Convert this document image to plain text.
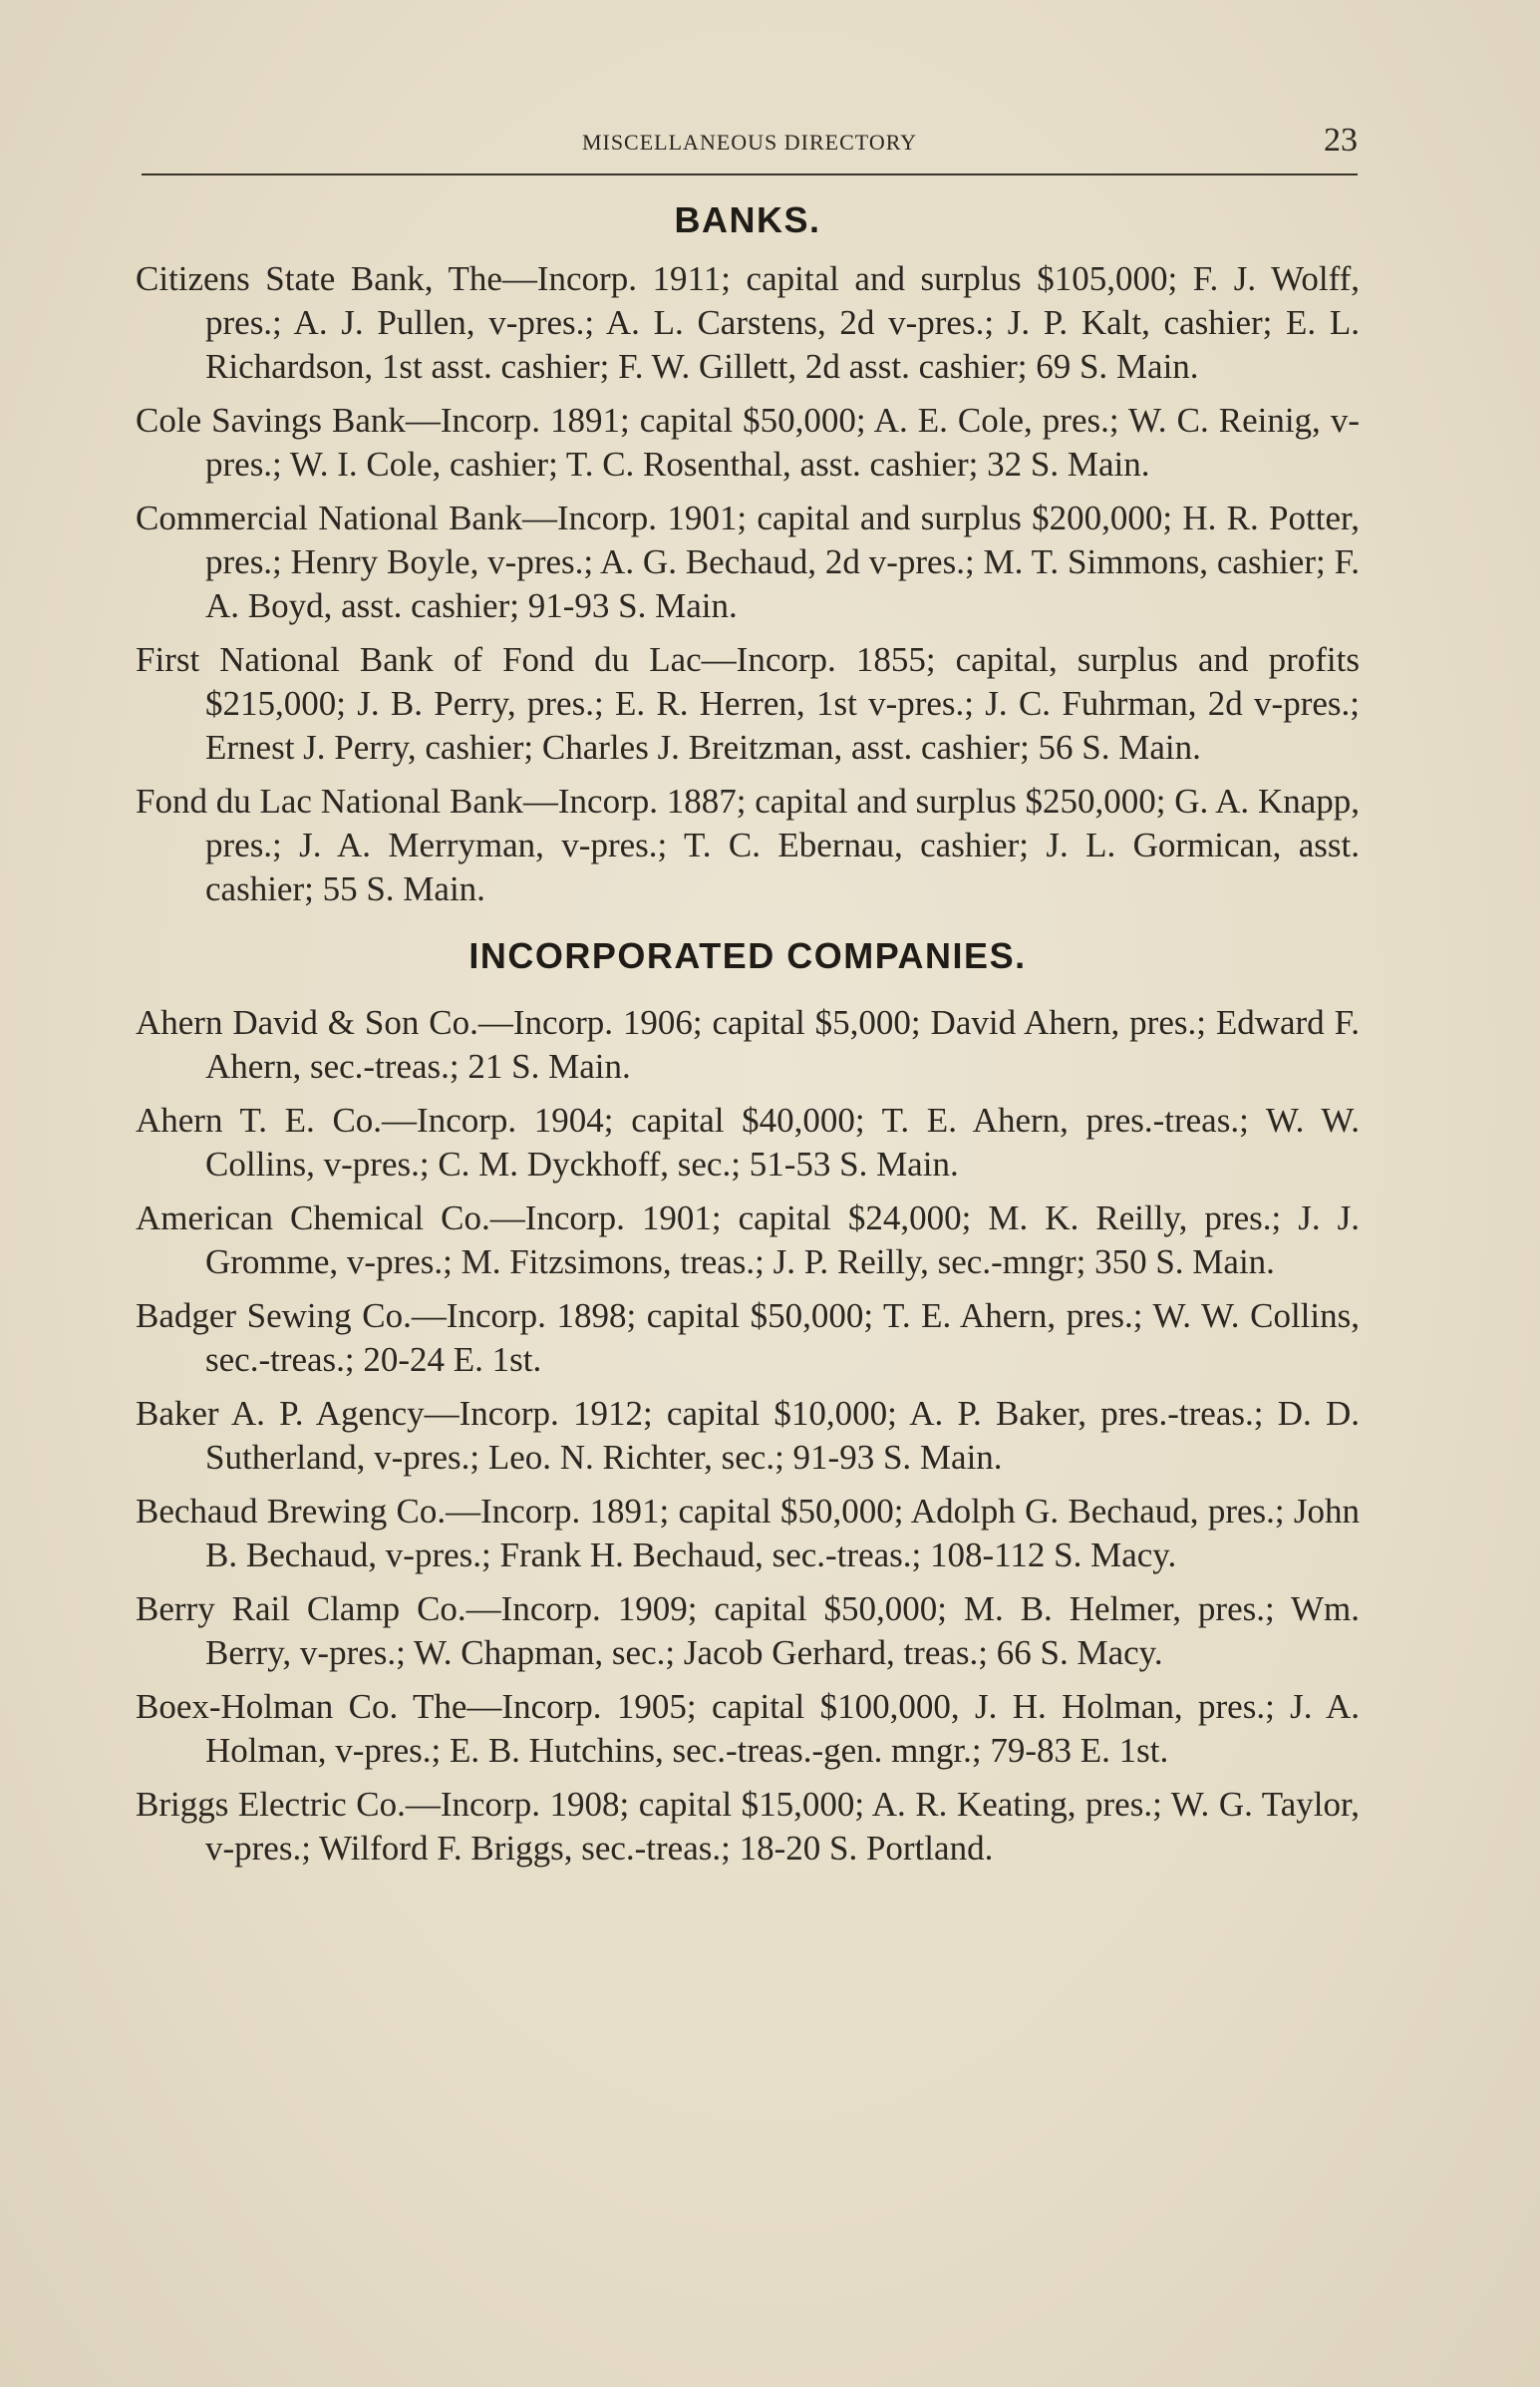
MISCELLANEOUS DIRECTORY	23
BANKS.

Citizens State Bank, The—Incorp. 1911; capital and surplus $105,000; F. J. Wolff, pres.; A. J. Pullen, v-pres.; A. L. Carstens, 2d v-pres.; J. P. Kalt, cashier; E. L. Richardson, 1st asst. cashier; F. W. Gillett, 2d asst. cashier; 69 S. Main.

Cole Savings Bank—Incorp. 1891; capital $50,000; A. E. Cole, pres.; W. C. Reinig, v-pres.; W. I. Cole, cashier; T. C. Rosenthal, asst. cashier; 32 S. Main.

Commercial National Bank—Incorp. 1901; capital and surplus $200,000; H. R. Potter, pres.; Henry Boyle, v-pres.; A. G. Bechaud, 2d v-pres.; M. T. Simmons, cashier; F. A. Boyd, asst. cashier; 91-93 S. Main.

First National Bank of Fond du Lac—Incorp. 1855; capital, surplus and profits $215,000; J. B. Perry, pres.; E. R. Herren, 1st v-pres.; J. C. Fuhrman, 2d v-pres.; Ernest J. Perry, cashier; Charles J. Breitzman, asst. cashier; 56 S. Main.

Fond du Lac National Bank—Incorp. 1887; capital and surplus $250,000; G. A. Knapp, pres.; J. A. Merryman, v-pres.; T. C. Ebernau, cashier; J. L. Gormican, asst. cashier; 55 S. Main.

INCORPORATED COMPANIES.

Ahern David & Son Co.—Incorp. 1906; capital $5,000; David Ahern, pres.; Edward F. Ahern, sec.-treas.; 21 S. Main.

Ahern T. E. Co.—Incorp. 1904; capital $40,000; T. E. Ahern, pres.-treas.; W. W. Collins, v-pres.; C. M. Dyckhoff, sec.; 51-53 S. Main.

American Chemical Co.—Incorp. 1901; capital $24,000; M. K. Reilly, pres.; J. J. Gromme, v-pres.; M. Fitzsimons, treas.; J. P. Reilly, sec.-mngr; 350 S. Main.

Badger Sewing Co.—Incorp. 1898; capital $50,000; T. E. Ahern, pres.; W. W. Collins, sec.-treas.; 20-24 E. 1st.

Baker A. P. Agency—Incorp. 1912; capital $10,000; A. P. Baker, pres.-treas.; D. D. Sutherland, v-pres.; Leo. N. Richter, sec.; 91-93 S. Main.

Bechaud Brewing Co.—Incorp. 1891; capital $50,000; Adolph G. Bechaud, pres.; John B. Bechaud, v-pres.; Frank H. Bechaud, sec.-treas.; 108-112 S. Macy.

Berry Rail Clamp Co.—Incorp. 1909; capital $50,000; M. B. Helmer, pres.; Wm. Berry, v-pres.; W. Chapman, sec.; Jacob Gerhard, treas.; 66 S. Macy.

Boex-Holman Co. The—Incorp. 1905; capital $100,000, J. H. Holman, pres.; J. A. Holman, v-pres.; E. B. Hutchins, sec.-treas.-gen. mngr.; 79-83 E. 1st.

Briggs Electric Co.—Incorp. 1908; capital $15,000; A. R. Keating, pres.; W. G. Taylor, v-pres.; Wilford F. Briggs, sec.-treas.; 18-20 S. Portland.
